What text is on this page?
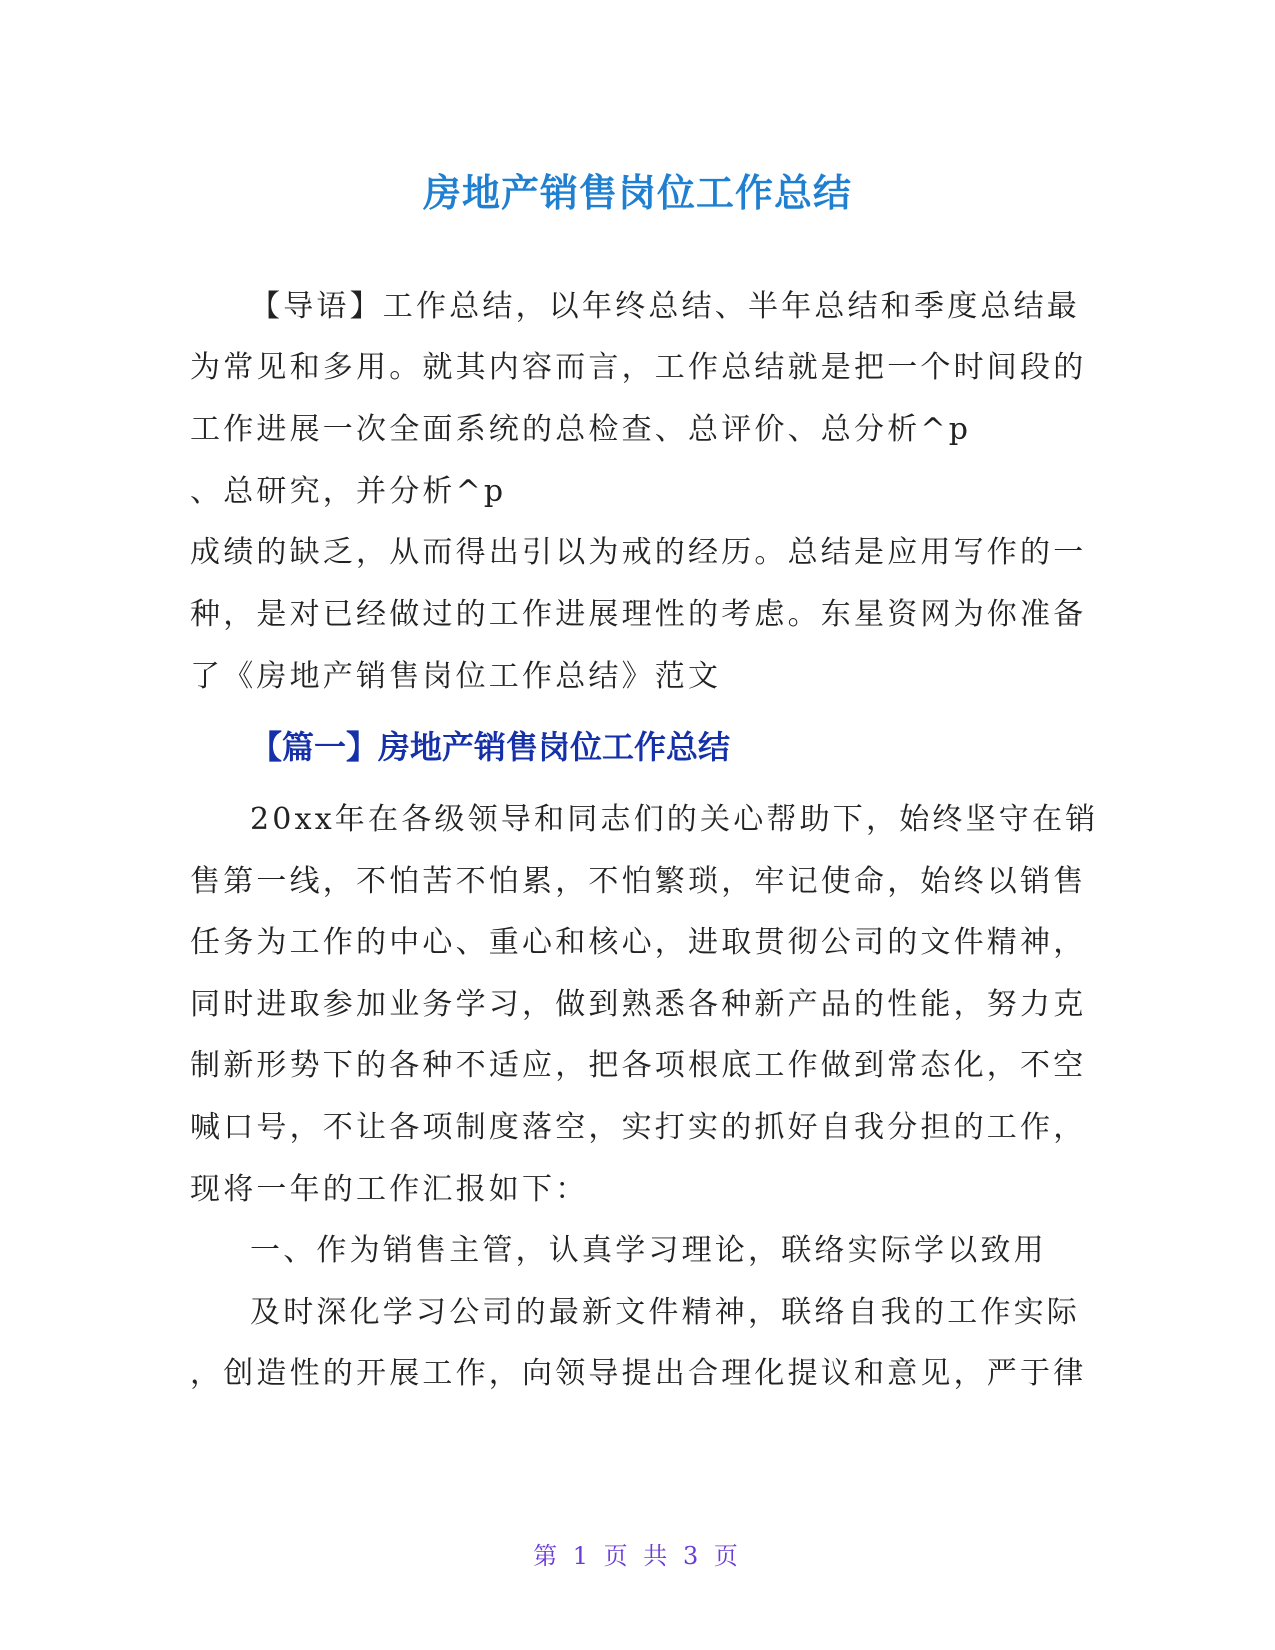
房地产销售岗位工作总结
【导语】工作总结，以年终总结、半年总结和季度总结最
为常见和多用。就其内容而言，工作总结就是把一个时间段的
工作进展一次全面系统的总检查、总评价、总分析^p
、总研究，并分析^p
成绩的缺乏，从而得出引以为戒的经历。总结是应用写作的一
种，是对已经做过的工作进展理性的考虑。东星资网为你准备
了《房地产销售岗位工作总结》范文
【篇一】房地产销售岗位工作总结
20xx年在各级领导和同志们的关心帮助下，始终坚守在销
售第一线，不怕苦不怕累，不怕繁琐，牢记使命，始终以销售
任务为工作的中心、重心和核心，进取贯彻公司的文件精神，
同时进取参加业务学习，做到熟悉各种新产品的性能，努力克
制新形势下的各种不适应，把各项根底工作做到常态化，不空
喊口号，不让各项制度落空，实打实的抓好自我分担的工作，
现将一年的工作汇报如下：
一、作为销售主管，认真学习理论，联络实际学以致用
及时深化学习公司的最新文件精神，联络自我的工作实际
，创造性的开展工作，向领导提出合理化提议和意见，严于律
第 1 页 共 3 页
